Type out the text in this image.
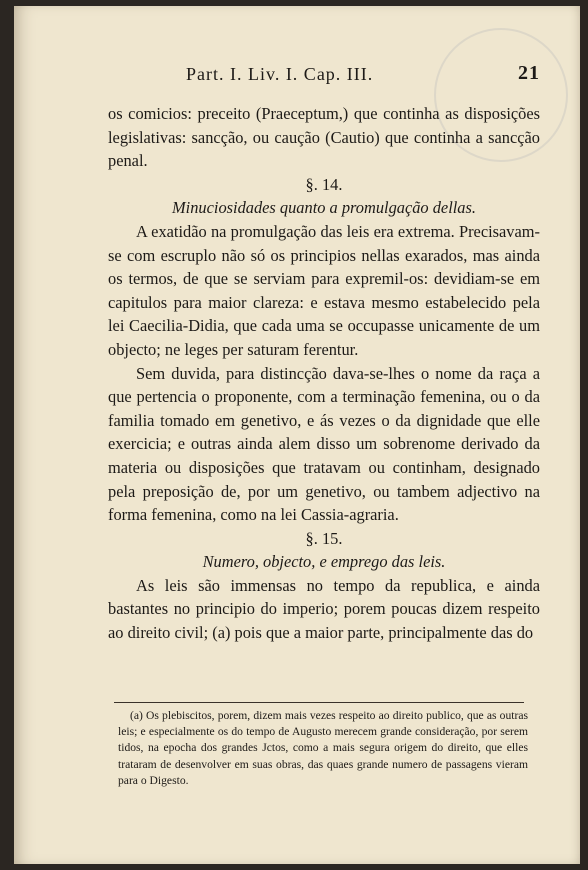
Part. I. Liv. I. Cap. III.	21

os comicios: preceito (Praeceptum,) que continha as disposições legislativas: sancção, ou caução (Cautio) que continha a sancção penal.

§. 14.

Minuciosidades quanto a promulgação dellas.

A exatidão na promulgação das leis era extrema. Precisavam-se com escruplo não só os principios nellas exarados, mas ainda os termos, de que se serviam para expremil-os: devidiam-se em capitulos para maior clareza: e estava mesmo estabelecido pela lei Caecilia-Didia, que cada uma se occupasse unicamente de um objecto; ne leges per saturam ferentur.

Sem duvida, para distincção dava-se-lhes o nome da raça a que pertencia o proponente, com a terminação femenina, ou o da familia tomado em genetivo, e ás vezes o da dignidade que elle exercicia; e outras ainda alem disso um sobrenome derivado da materia ou disposições que tratavam ou continham, designado pela preposição de, por um genetivo, ou tambem adjectivo na forma femenina, como na lei Cassia-agraria.

§. 15.

Numero, objecto, e emprego das leis.

As leis são immensas no tempo da republica, e ainda bastantes no principio do imperio; porem poucas dizem respeito ao direito civil; (a) pois que a maior parte, principalmente das do

(a) Os plebiscitos, porem, dizem mais vezes respeito ao direito publico, que as outras leis; e especialmente os do tempo de Augusto merecem grande consideração, por serem tidos, na epocha dos grandes Jctos, como a mais segura origem do direito, que elles trataram de desenvolver em suas obras, das quaes grande numero de passagens vieram para o Digesto.
